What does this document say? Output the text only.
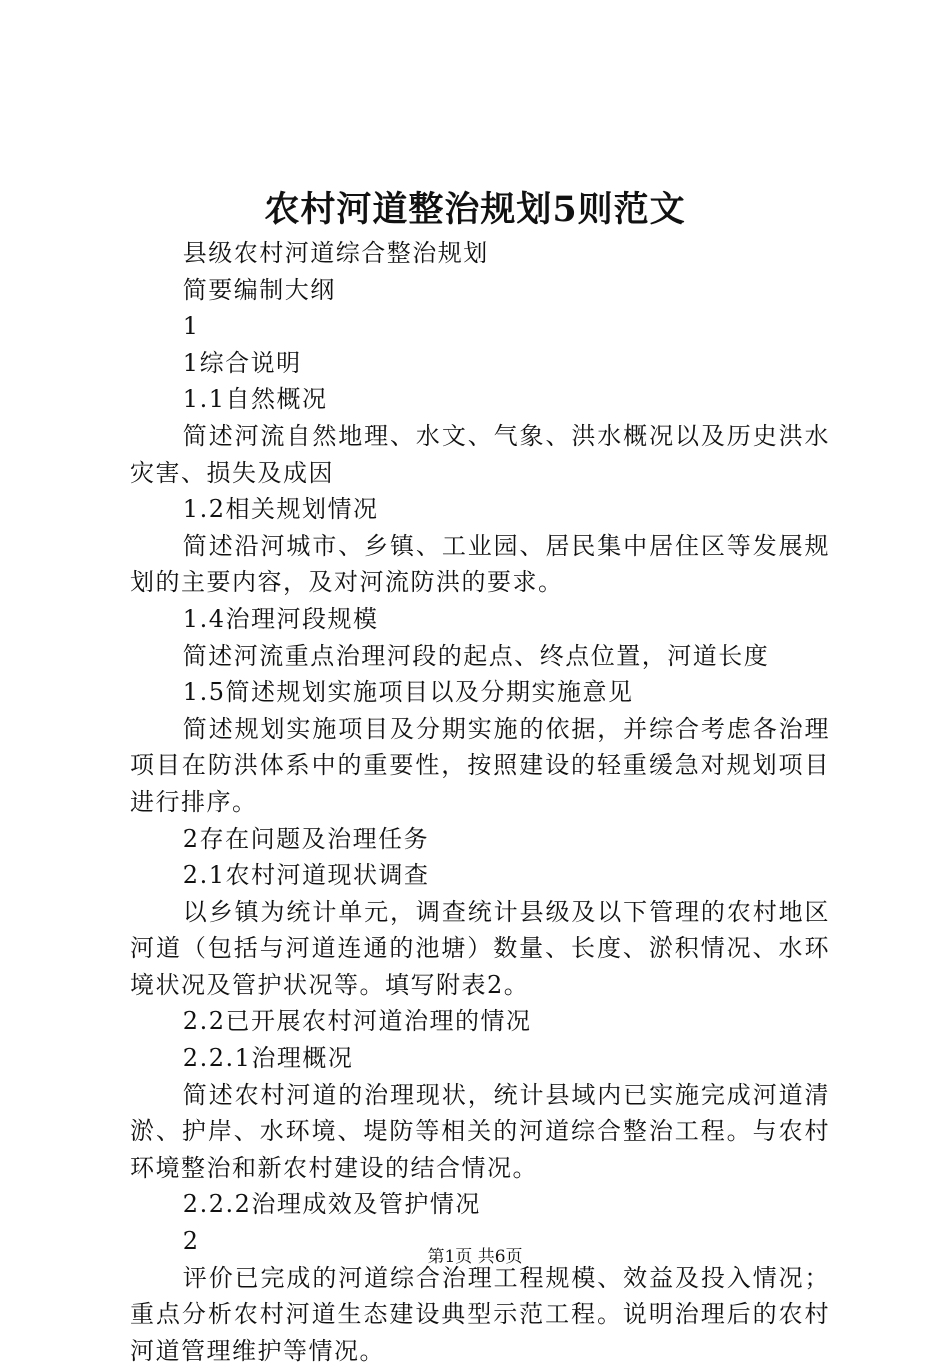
农村河道整治规划5则范文

县级农村河道综合整治规划

简要编制大纲

1

1综合说明

1.1自然概况

简述河流自然地理、水文、气象、洪水概况以及历史洪水灾害、损失及成因

1.2相关规划情况

简述沿河城市、乡镇、工业园、居民集中居住区等发展规划的主要内容，及对河流防洪的要求。

1.4治理河段规模

简述河流重点治理河段的起点、终点位置，河道长度

1.5简述规划实施项目以及分期实施意见

简述规划实施项目及分期实施的依据，并综合考虑各治理项目在防洪体系中的重要性，按照建设的轻重缓急对规划项目进行排序。

2存在问题及治理任务

2.1农村河道现状调查

以乡镇为统计单元，调查统计县级及以下管理的农村地区河道（包括与河道连通的池塘）数量、长度、淤积情况、水环境状况及管护状况等。填写附表2。

2.2已开展农村河道治理的情况

2.2.1治理概况

简述农村河道的治理现状，统计县域内已实施完成河道清淤、护岸、水环境、堤防等相关的河道综合整治工程。与农村环境整治和新农村建设的结合情况。

2.2.2治理成效及管护情况

2

评价已完成的河道综合治理工程规模、效益及投入情况；重点分析农村河道生态建设典型示范工程。说明治理后的农村河道管理维护等情况。

第1页 共6页
